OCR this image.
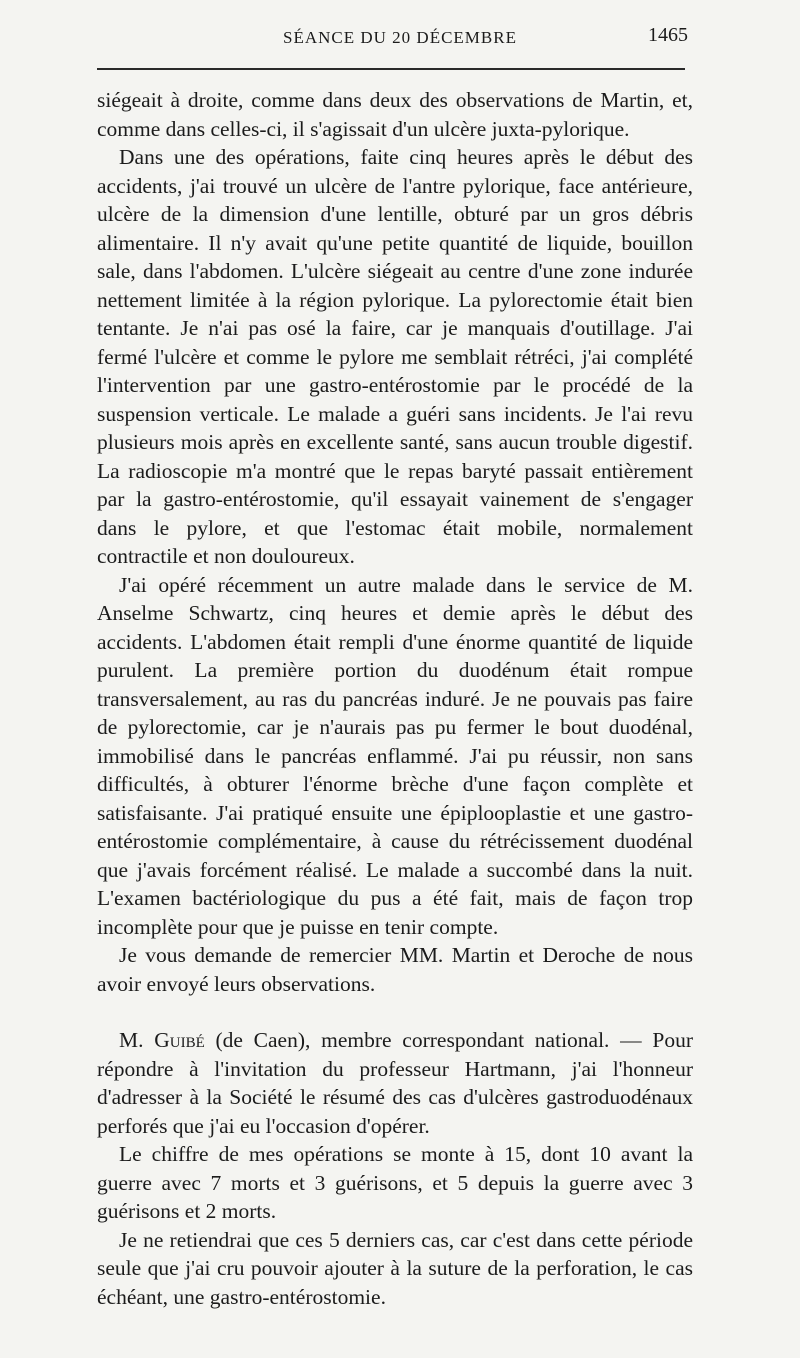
SÉANCE DU 20 DÉCEMBRE	1465

siégeait à droite, comme dans deux des observations de Martin, et, comme dans celles-ci, il s'agissait d'un ulcère juxta-pylorique.

Dans une des opérations, faite cinq heures après le début des accidents, j'ai trouvé un ulcère de l'antre pylorique, face antérieure, ulcère de la dimension d'une lentille, obturé par un gros débris alimentaire. Il n'y avait qu'une petite quantité de liquide, bouillon sale, dans l'abdomen. L'ulcère siégeait au centre d'une zone indurée nettement limitée à la région pylorique. La pylorectomie était bien tentante. Je n'ai pas osé la faire, car je manquais d'outillage. J'ai fermé l'ulcère et comme le pylore me semblait rétréci, j'ai complété l'intervention par une gastro-entérostomie par le procédé de la suspension verticale. Le malade a guéri sans incidents. Je l'ai revu plusieurs mois après en excellente santé, sans aucun trouble digestif. La radioscopie m'a montré que le repas baryté passait entièrement par la gastro-entérostomie, qu'il essayait vainement de s'engager dans le pylore, et que l'estomac était mobile, normalement contractile et non douloureux.

J'ai opéré récemment un autre malade dans le service de M. Anselme Schwartz, cinq heures et demie après le début des accidents. L'abdomen était rempli d'une énorme quantité de liquide purulent. La première portion du duodénum était rompue transversalement, au ras du pancréas induré. Je ne pouvais pas faire de pylorectomie, car je n'aurais pas pu fermer le bout duodénal, immobilisé dans le pancréas enflammé. J'ai pu réussir, non sans difficultés, à obturer l'énorme brèche d'une façon complète et satisfaisante. J'ai pratiqué ensuite une épiplooplastie et une gastro-entérostomie complémentaire, à cause du rétrécissement duodénal que j'avais forcément réalisé. Le malade a succombé dans la nuit. L'examen bactériologique du pus a été fait, mais de façon trop incomplète pour que je puisse en tenir compte.

Je vous demande de remercier MM. Martin et Deroche de nous avoir envoyé leurs observations.

M. Guibé (de Caen), membre correspondant national. — Pour répondre à l'invitation du professeur Hartmann, j'ai l'honneur d'adresser à la Société le résumé des cas d'ulcères gastroduodénaux perforés que j'ai eu l'occasion d'opérer.

Le chiffre de mes opérations se monte à 15, dont 10 avant la guerre avec 7 morts et 3 guérisons, et 5 depuis la guerre avec 3 guérisons et 2 morts.

Je ne retiendrai que ces 5 derniers cas, car c'est dans cette période seule que j'ai cru pouvoir ajouter à la suture de la perforation, le cas échéant, une gastro-entérostomie.
